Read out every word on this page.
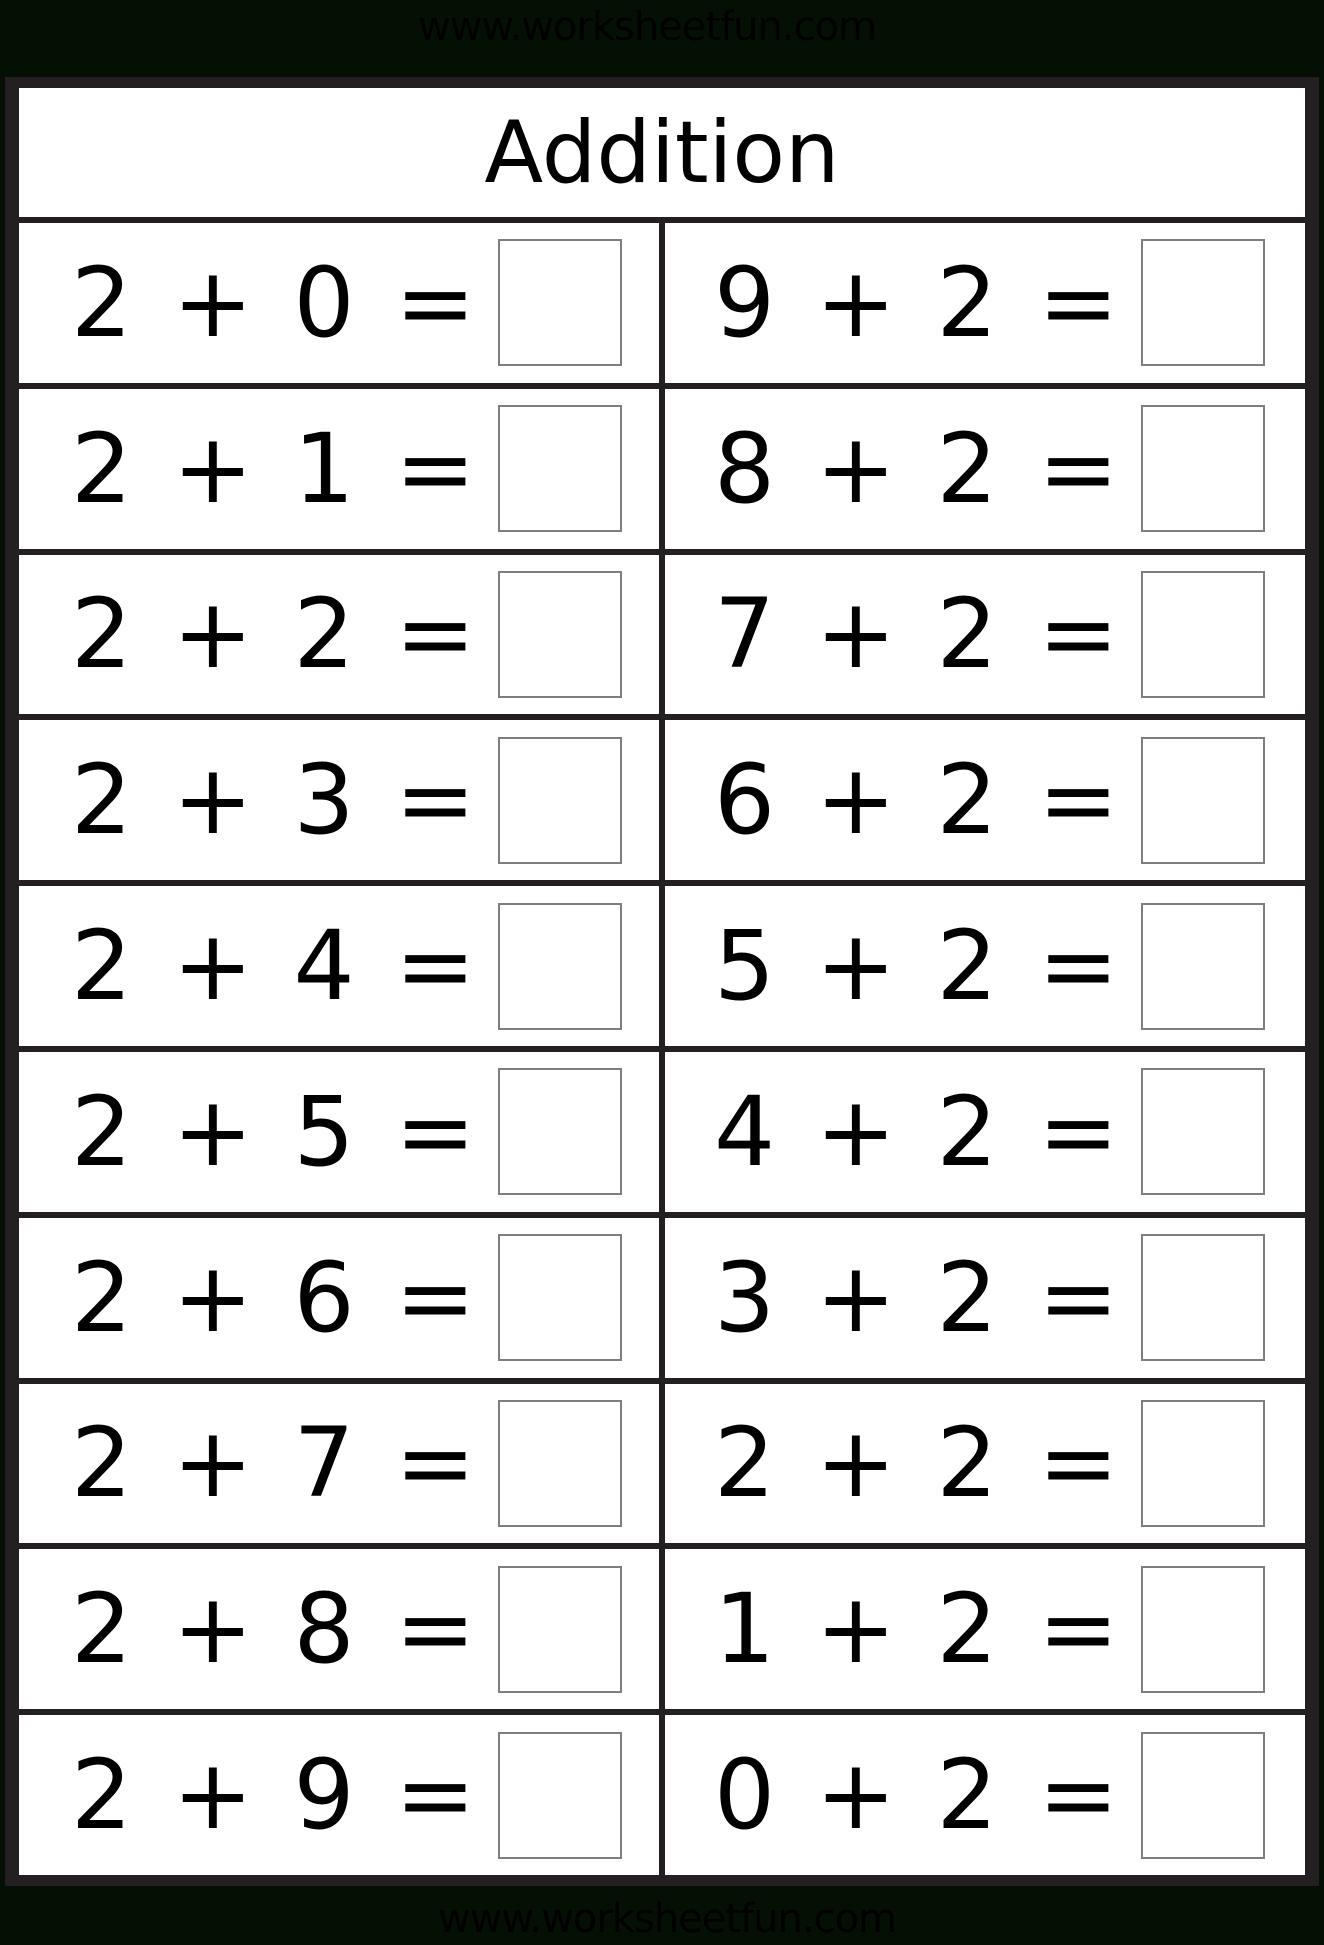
www.worksheetfun.com
Addition
2 + 0 = 9 + 2 =
2 + 1 = 8 + 2 =
2 + 2 = 7 + 2 =
2 + 3 = 6 + 2 =
2 + 4 = 5 + 2 =
2 + 5 = 4 + 2 =
2 + 6 = 3 + 2 =
2 + 7 = 2 + 2 =
2 + 8 = 1 + 2 =
2 + 9 = 0 + 2 =
www.worksheetfun.com
